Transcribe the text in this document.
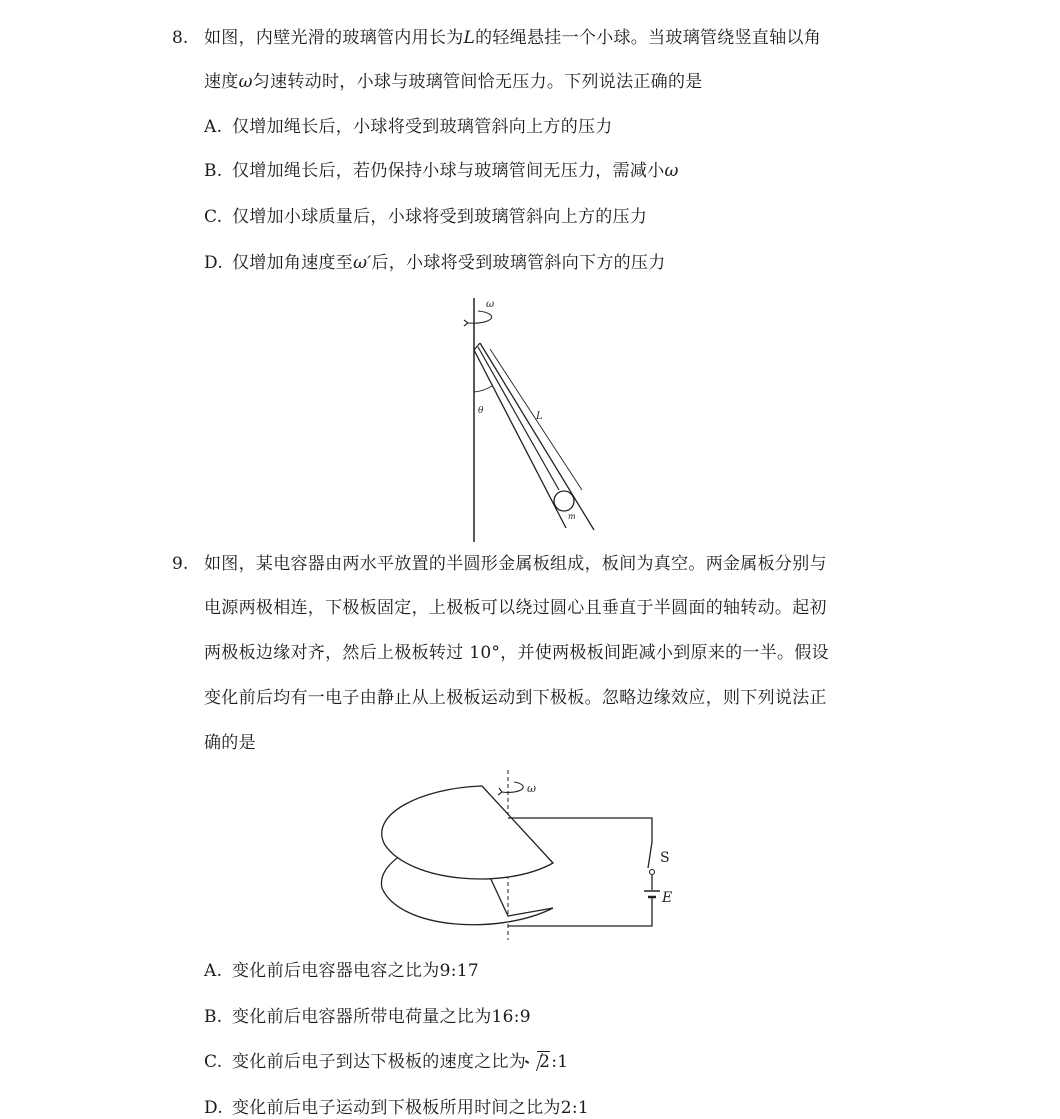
8. 如图，内壁光滑的玻璃管内用长为L的轻绳悬挂一个小球。当玻璃管绕竖直轴以角
速度ω匀速转动时，小球与玻璃管间恰无压力。下列说法正确的是
A. 仅增加绳长后，小球将受到玻璃管斜向上方的压力
B. 仅增加绳长后，若仍保持小球与玻璃管间无压力，需减小ω
C. 仅增加小球质量后，小球将受到玻璃管斜向上方的压力
D. 仅增加角速度至ω′后，小球将受到玻璃管斜向下方的压力
ω
L
θ
m
9. 如图，某电容器由两水平放置的半圆形金属板组成，板间为真空。两金属板分别与
电源两极相连，下极板固定，上极板可以绕过圆心且垂直于半圆面的轴转动。起初
两极板边缘对齐，然后上极板转过 10°，并使两极板间距减小到原来的一半。假设
变化前后均有一电子由静止从上极板运动到下极板。忽略边缘效应，则下列说法正
确的是
ω
S
E
A. 变化前后电容器电容之比为9:17
B. 变化前后电容器所带电荷量之比为16:9
C. 变化前后电子到达下极板的速度之比为 2:1
D. 变化前后电子运动到下极板所用时间之比为2:1
